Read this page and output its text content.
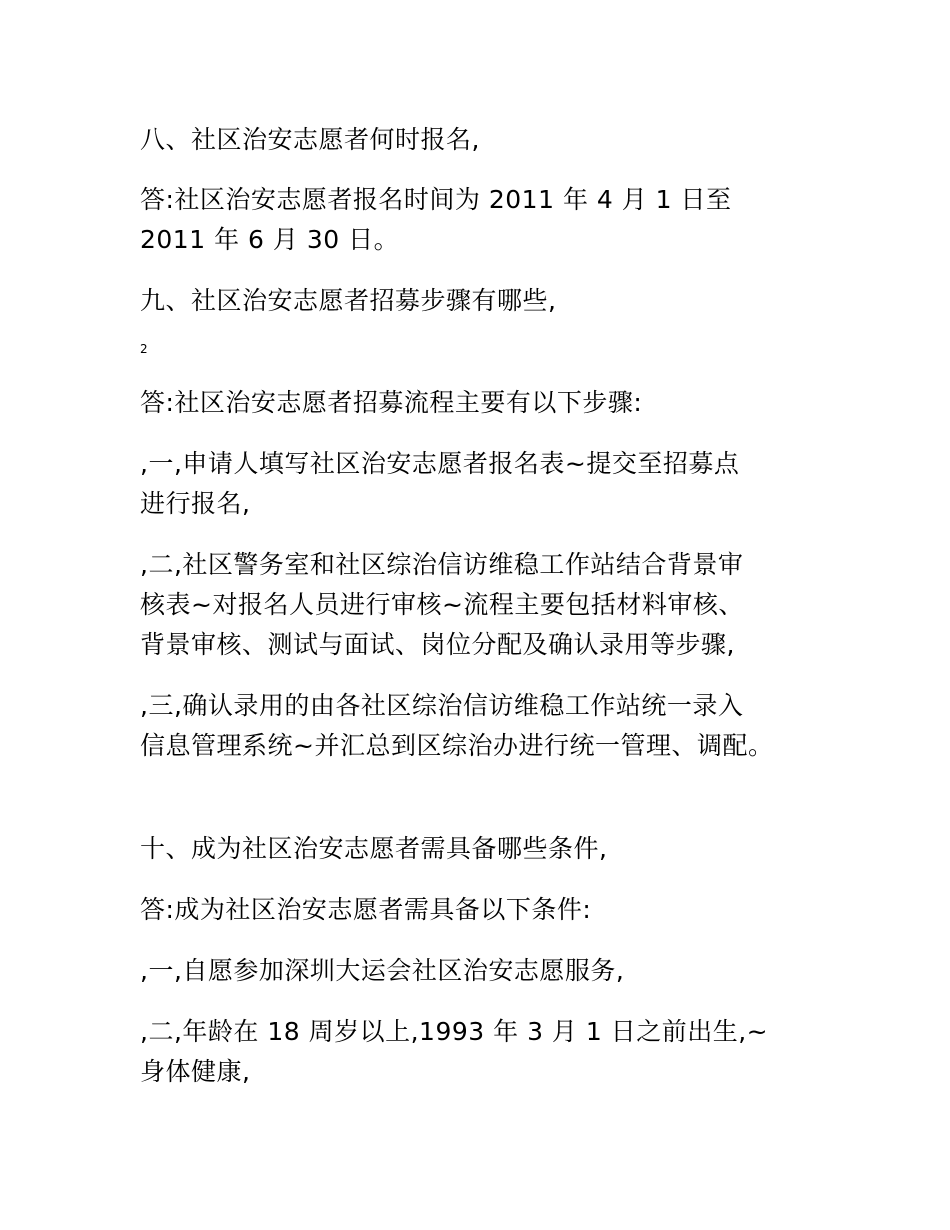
八、社区治安志愿者何时报名,
答:社区治安志愿者报名时间为 2011 年 4 月 1 日至
2011 年 6 月 30 日。
九、社区治安志愿者招募步骤有哪些,
2
答:社区治安志愿者招募流程主要有以下步骤:
,一,申请人填写社区治安志愿者报名表~提交至招募点
进行报名,
,二,社区警务室和社区综治信访维稳工作站结合背景审
核表~对报名人员进行审核~流程主要包括材料审核、
背景审核、测试与面试、岗位分配及确认录用等步骤,
,三,确认录用的由各社区综治信访维稳工作站统一录入
信息管理系统~并汇总到区综治办进行统一管理、调配。
十、成为社区治安志愿者需具备哪些条件,
答:成为社区治安志愿者需具备以下条件:
,一,自愿参加深圳大运会社区治安志愿服务,
,二,年龄在 18 周岁以上,1993 年 3 月 1 日之前出生,~
身体健康,
